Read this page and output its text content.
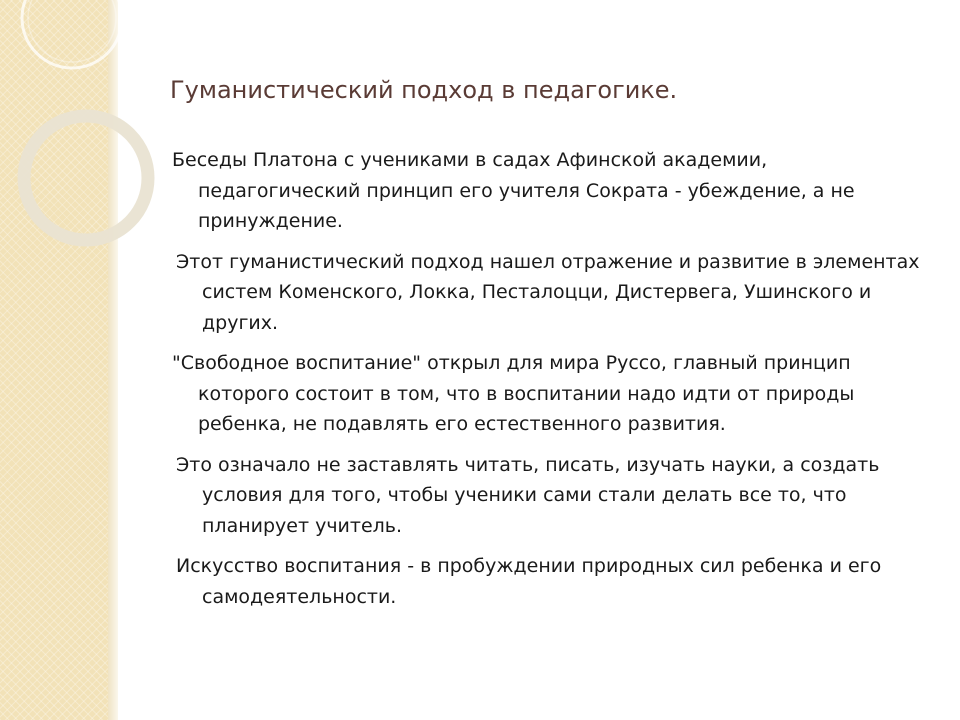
Гуманистический подход в педагогике.

Беседы Платона с учениками в садах Афинской академии, педагогический принцип его учителя Сократа - убеждение, а не принуждение.

Этот гуманистический подход нашел отражение и развитие в элементах систем Коменского, Локка, Песталоцци, Дистервега, Ушинского и других.

"Свободное воспитание" открыл для мира Руссо, главный принцип которого состоит в том, что в воспитании надо идти от природы ребенка, не подавлять его естественного развития.

Это означало не заставлять читать, писать, изучать науки, а создать условия для того, чтобы ученики сами стали делать все то, что планирует учитель.

Искусство воспитания - в пробуждении природных сил ребенка и его самодеятельности.
